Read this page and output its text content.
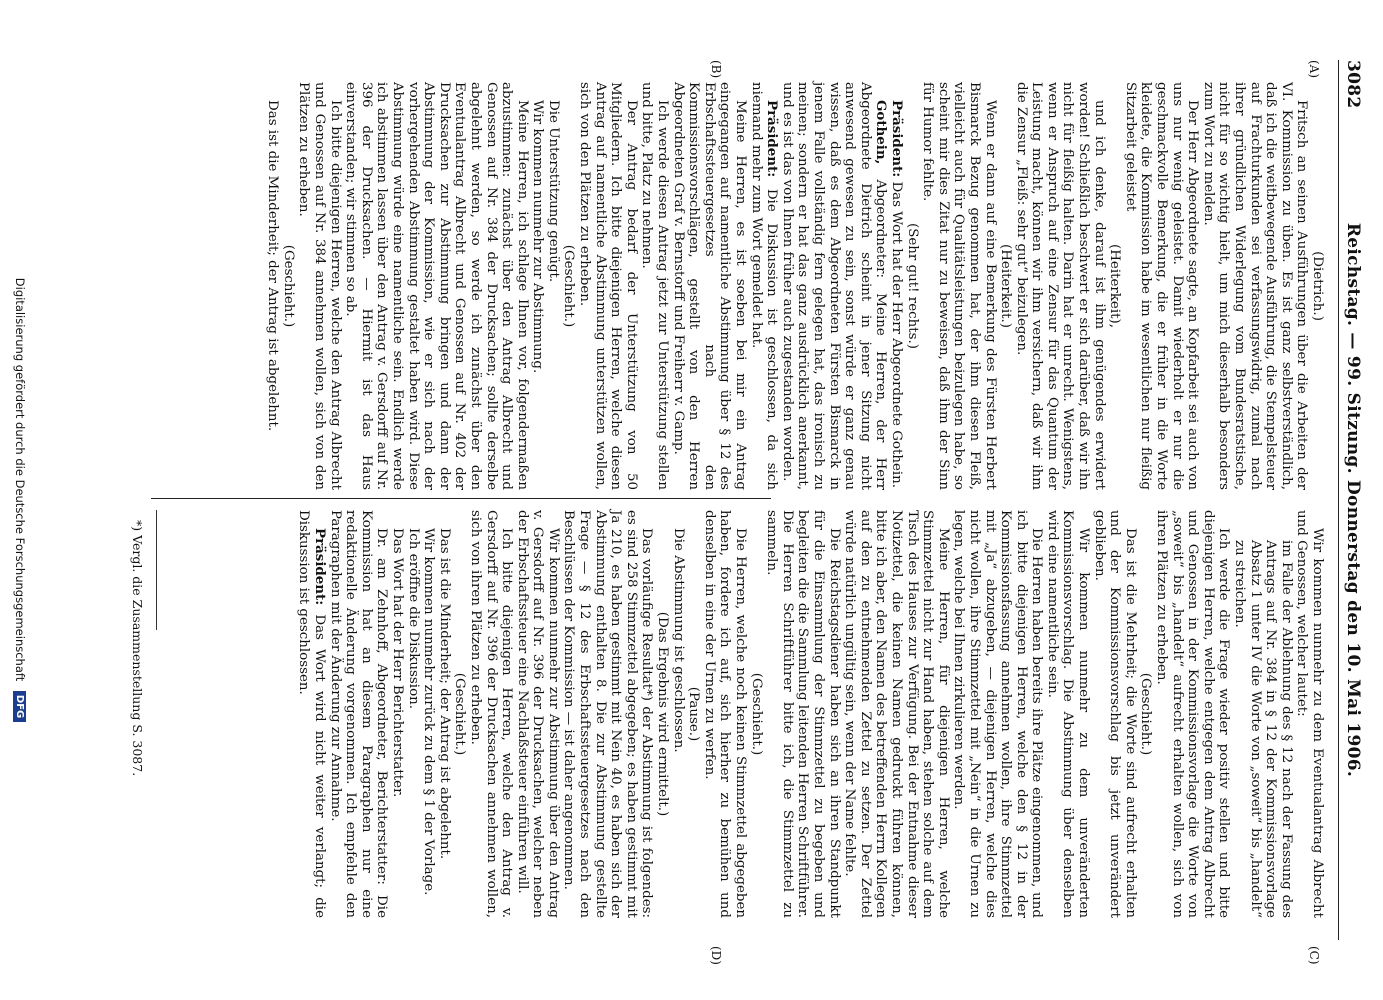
3082
Reichstag. — 99. Sitzung. Donnerstag den 10. Mai 1906.
(A)
(B)
(C)
(D)

(Dietrich.)

Fritsch an seinen Ausführungen über die Arbeiten der VI. Kommission zu üben. Es ist ganz selbstverständlich, daß ich die weitbewegende Ausführung, die Stempelsteuer auf Frachturkunden sei verfassungswidrig, zumal nach ihrer gründlichen Widerlegung vom Bundesratstische, nicht für so wichtig hielt, um mich dieserhalb besonders zum Wort zu melden.

Der Herr Abgeordnete sagte, an Kopfarbeit sei auch von uns nur wenig geleistet. Damit wiederholt er nur die geschmackvolle Bemerkung, die er früher in die Worte kleidete, die Kommission habe im wesentlichen nur fleißig Sitzarbeit geleistet

(Heiterkeit),

und ich denke, darauf ist ihm genügendes erwidert worden! Schließlich beschwert er sich darüber, daß wir ihn nicht für fleißig halten. Darin hat er unrecht. Wenigstens, wenn er Anspruch auf eine Zensur für das Quantum der Leistung macht, können wir ihm versichern, daß wir ihm die Zensur „Fleiß: sehr gut“ beizulegen.

(Heiterkeit.)

Wenn er dann auf eine Bemerkung des Fürsten Herbert Bismarck Bezug genommen hat, der ihm diesen Fleiß, vielleicht auch für Qualitätsleistungen beizulegen habe, so scheint mir dies Zitat nur zu beweisen, daß ihm der Sinn für Humor fehlte.

(Sehr gut! rechts.)

Präsident: Das Wort hat der Herr Abgeordnete Gothein.

Gothein, Abgeordneter: Meine Herren, der Herr Abgeordnete Dietrich scheint in jener Sitzung nicht anwesend gewesen zu sein, sonst würde er ganz genau wissen, daß es dem Abgeordneten Fürsten Bismarck in jenem Falle vollständig fern gelegen hat, das ironisch zu meinen; sondern er hat das ganz ausdrücklich anerkannt, und es ist das von Ihnen früher auch zugestanden worden.

Präsident: Die Diskussion ist geschlossen, da sich niemand mehr zum Wort gemeldet hat.

Meine Herren, es ist soeben bei mir ein Antrag eingegangen auf namentliche Abstimmung über § 12 des Erbschaftssteuergesetzes nach den Kommissionsvorschlägen, gestellt von den Herren Abgeordneten Graf v. Bernstorff und Freiherr v. Gamp.

Ich werde diesen Antrag jetzt zur Unterstützung stellen und bitte, Platz zu nehmen.

Der Antrag bedarf der Unterstützung von 50 Mitgliedern. Ich bitte diejenigen Herren, welche diesen Antrag auf namentliche Abstimmung unterstützen wollen, sich von den Plätzen zu erheben.

(Geschieht.)

Die Unterstützung genügt.

Wir kommen nunmehr zur Abstimmung.

Meine Herren, ich schlage Ihnen vor, folgendermaßen abzustimmen: zunächst über den Antrag Albrecht und Genossen auf Nr. 384 der Drucksachen; sollte derselbe abgelehnt werden, so werde ich zunächst über den Eventualantrag Albrecht und Genossen auf Nr. 402 der Drucksachen zur Abstimmung bringen und dann der Abstimmung der Kommission, wie er sich nach der vorhergehenden Abstimmung gestaltet haben wird. Diese Abstimmung würde eine namentliche sein. Endlich werde ich abstimmen lassen über den Antrag v. Gersdorff auf Nr. 396 der Drucksachen. — Hiermit ist das Haus einverstanden; wir stimmen so ab.

Ich bitte diejenigen Herren, welche den Antrag Albrecht und Genossen auf Nr. 384 annehmen wollen, sich von den Plätzen zu erheben.

(Geschieht.)

Das ist die Minderheit; der Antrag ist abgelehnt.

Wir kommen nunmehr zu dem Eventualantrag Albrecht und Genossen, welcher lautet:

im Falle der Ablehnung des § 12 nach der Fassung des Antrags auf Nr. 384 in § 12 der Kommissionsvorlage Absatz 1 unter IV die Worte von „soweit“ bis „handelt“ zu streichen.

Ich werde die Frage wieder positiv stellen und bitte diejenigen Herren, welche entgegen dem Antrag Albrecht und Genossen in der Kommissionsvorlage die Worte von „soweit“ bis „handelt“ aufrecht erhalten wollen, sich von ihren Plätzen zu erheben.

(Geschieht.)

Das ist die Mehrheit; die Worte sind aufrecht erhalten und der Kommissionsvorschlag bis jetzt unverändert geblieben.

Wir kommen nunmehr zu dem unveränderten Kommissionsvorschlag. Die Abstimmung über denselben wird eine namentliche sein.

Die Herren haben bereits ihre Plätze eingenommen, und ich bitte diejenigen Herren, welche den § 12 in der Kommissionsfassung annehmen wollen, ihre Stimmzettel mit „Ja“ abzugeben, — diejenigen Herren, welche dies nicht wollen, ihre Stimmzettel mit „Nein“ in die Urnen zu legen, welche bei Ihnen zirkulieren werden.

Meine Herren, für diejenigen Herren, welche Stimmzettel nicht zur Hand haben, stehen solche auf dem Tisch des Hauses zur Verfügung. Bei der Entnahme dieser Notizettel, die keinen Namen gedruckt führen können, bitte ich aber, den Namen des betreffenden Herrn Kollegen auf den zu entnehmenden Zettel zu setzen. Der Zettel würde natürlich ungültig sein, wenn der Name fehlte.

Die Reichstagsdiener haben sich an ihren Standpunkt für die Einsammlung der Stimmzettel zu begeben und begleiten die die Sammlung leitenden Herren Schriftführer. Die Herren Schriftführer bitte ich, die Stimmzettel zu sammeln.

(Geschieht.)

Die Herren, welche noch keinen Stimmzettel abgegeben haben, fordere ich auf, sich hierher zu bemühen und denselben in eine der Urnen zu werfen.

(Pause.)

Die Abstimmung ist geschlossen.

(Das Ergebnis wird ermittelt.)

Das vorläufige Resultat*) der Abstimmung ist folgendes: es sind 258 Stimmzettel abgegeben; es haben gestimmt mit Ja 210, es haben gestimmt mit Nein 40, es haben sich der Abstimmung enthalten 8. Die zur Abstimmung gestellte Frage — § 12 des Erbschaftssteuergesetzes nach den Beschlüssen der Kommission — ist daher angenommen.

Wir kommen nunmehr zur Abstimmung über den Antrag v. Gersdorff auf Nr. 396 der Drucksachen, welcher neben der Erbschaftssteuer eine Nachlaßsteuer einführen will.

Ich bitte diejenigen Herren, welche den Antrag v. Gersdorff auf Nr. 396 der Drucksachen annehmen wollen, sich von ihren Plätzen zu erheben.

(Geschieht.)

Das ist die Minderheit; der Antrag ist abgelehnt.

Wir kommen nunmehr zurück zu dem § 1 der Vorlage.

Ich eröffne die Diskussion.

Das Wort hat der Herr Berichterstatter.

Dr. am Zehnhoff, Abgeordneter, Berichterstatter: Die Kommission hat an diesem Paragraphen nur eine redaktionelle Änderung vorgenommen. Ich empfehle den Paragraphen mit der Änderung zur Annahme.

Präsident: Das Wort wird nicht weiter verlangt; die Diskussion ist geschlossen.

*) Vergl. die Zusammenstellung S. 3087.
Digitalisierung gefördert durch die Deutsche Forschungsgemeinschaft DFG
